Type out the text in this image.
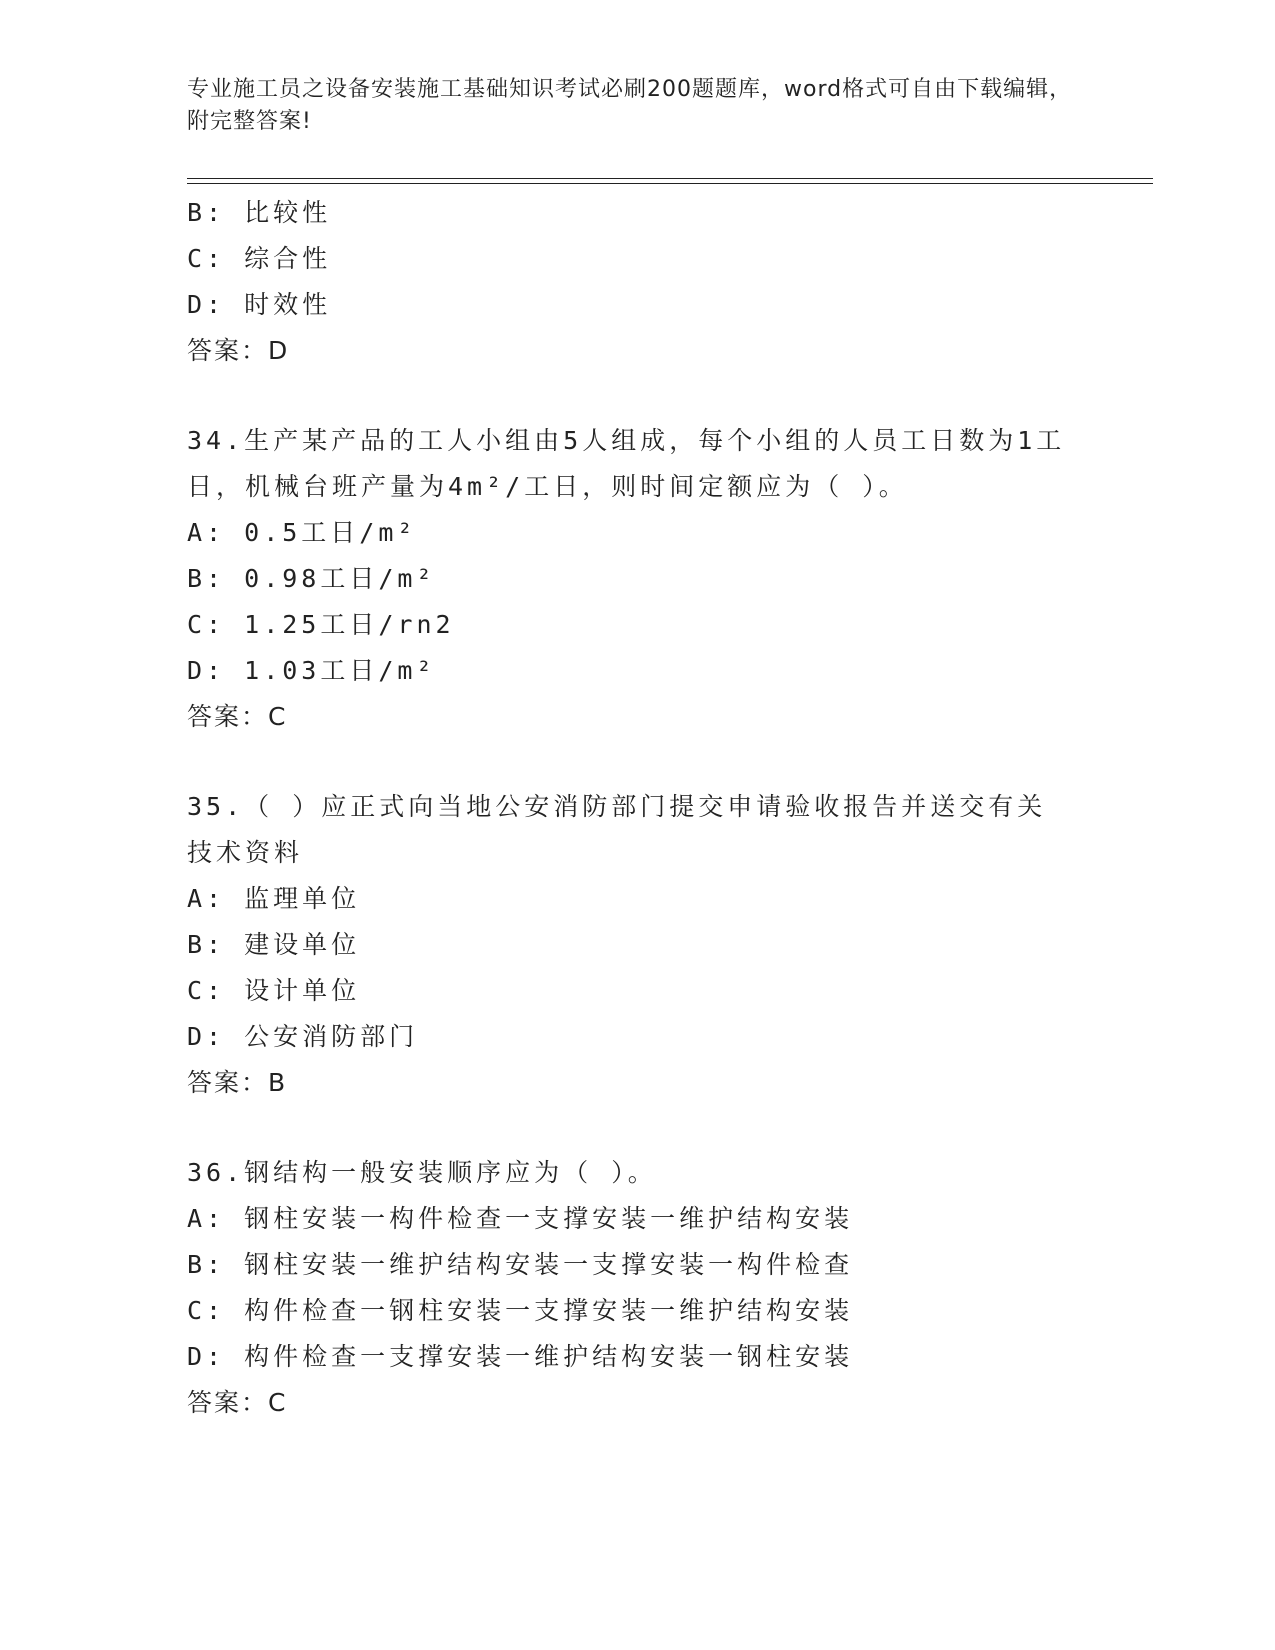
专业施工员之设备安装施工基础知识考试必刷200题题库，word格式可自由下载编辑，附完整答案!
B: 比较性
C: 综合性
D: 时效性
答案：D
34.生产某产品的工人小组由5人组成，每个小组的人员工日数为1工日，机械台班产量为4m²/工日，则时间定额应为（ ）。
A: 0.5工日/m²
B: 0.98工日/m²
C: 1.25工日/rn2
D: 1.03工日/m²
答案：C
35.（ ）应正式向当地公安消防部门提交申请验收报告并送交有关技术资料
A: 监理单位
B: 建设单位
C: 设计单位
D: 公安消防部门
答案：B
36.钢结构一般安装顺序应为（ ）。
A: 钢柱安装一构件检查一支撑安装一维护结构安装
B: 钢柱安装一维护结构安装一支撑安装一构件检查
C: 构件检查一钢柱安装一支撑安装一维护结构安装
D: 构件检查一支撑安装一维护结构安装一钢柱安装
答案：C
